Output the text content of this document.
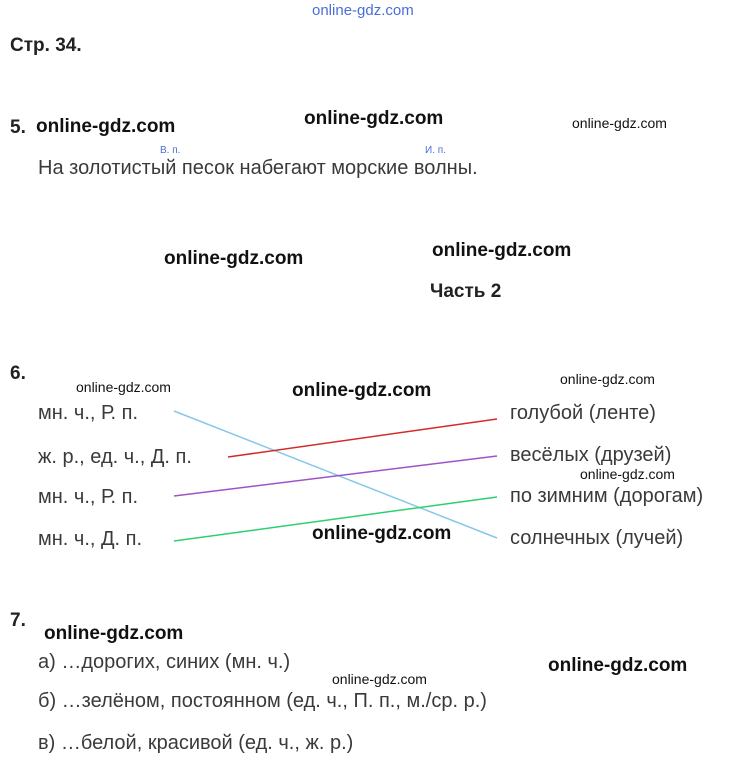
online-gdz.com
Стр. 34.
5. online-gdz.com	online-gdz.com	online-gdz.com
В. п.	И. п.
На золотистый песок набегают морские волны.
online-gdz.com	online-gdz.com
Часть 2
6.
online-gdz.com	online-gdz.com
online-gdz.com
мн. ч., Р. п.
ж. р., ед. ч., Д. п.
мн. ч., Р. п.
мн. ч., Д. п.
голубой (ленте)
весёлых (друзей)
по зимним (дорогам)
солнечных (лучей)
online-gdz.com
online-gdz.com
7.
online-gdz.com
а) …дорогих, синих (мн. ч.)	online-gdz.com
online-gdz.com
б) …зелёном, постоянном (ед. ч., П. п., м./ср. р.)
в) …белой, красивой (ед. ч., ж. р.)
